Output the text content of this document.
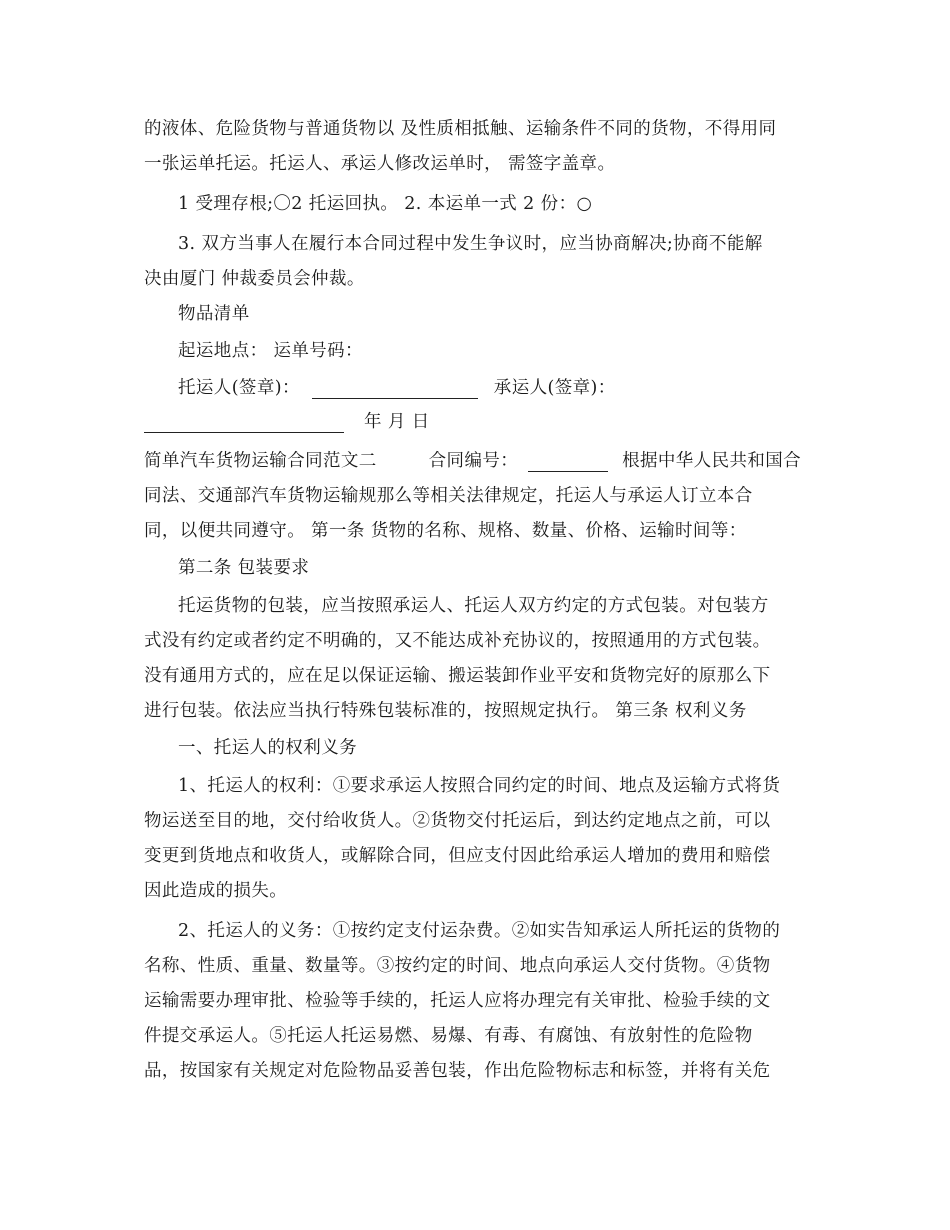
的液体、危险货物与普通货物以 及性质相抵触、运输条件不同的货物，不得用同
一张运单托运。托运人、承运人修改运单时， 需签字盖章。
1 受理存根;〇2 托运回执。 2. 本运单一式 2 份：○
3. 双方当事人在履行本合同过程中发生争议时，应当协商解决;协商不能解
决由厦门 仲裁委员会仲裁。
物品清单
起运地点： 运单号码：
托运人(签章)：	承运人(签章)：
年 月 日
简单汽车货物运输合同范文二	合同编号：	根据中华人民共和国合
同法、交通部汽车货物运输规那么等相关法律规定，托运人与承运人订立本合
同，以便共同遵守。 第一条 货物的名称、规格、数量、价格、运输时间等：
第二条 包装要求
托运货物的包装，应当按照承运人、托运人双方约定的方式包装。对包装方
式没有约定或者约定不明确的，又不能达成补充协议的，按照通用的方式包装。
没有通用方式的，应在足以保证运输、搬运装卸作业平安和货物完好的原那么下
进行包装。依法应当执行特殊包装标准的，按照规定执行。 第三条 权利义务
一、托运人的权利义务
1、托运人的权利：①要求承运人按照合同约定的时间、地点及运输方式将货
物运送至目的地，交付给收货人。②货物交付托运后，到达约定地点之前，可以
变更到货地点和收货人，或解除合同，但应支付因此给承运人增加的费用和赔偿
因此造成的损失。
2、托运人的义务：①按约定支付运杂费。②如实告知承运人所托运的货物的
名称、性质、重量、数量等。③按约定的时间、地点向承运人交付货物。④货物
运输需要办理审批、检验等手续的，托运人应将办理完有关审批、检验手续的文
件提交承运人。⑤托运人托运易燃、易爆、有毒、有腐蚀、有放射性的危险物
品，按国家有关规定对危险物品妥善包装，作出危险物标志和标签，并将有关危
